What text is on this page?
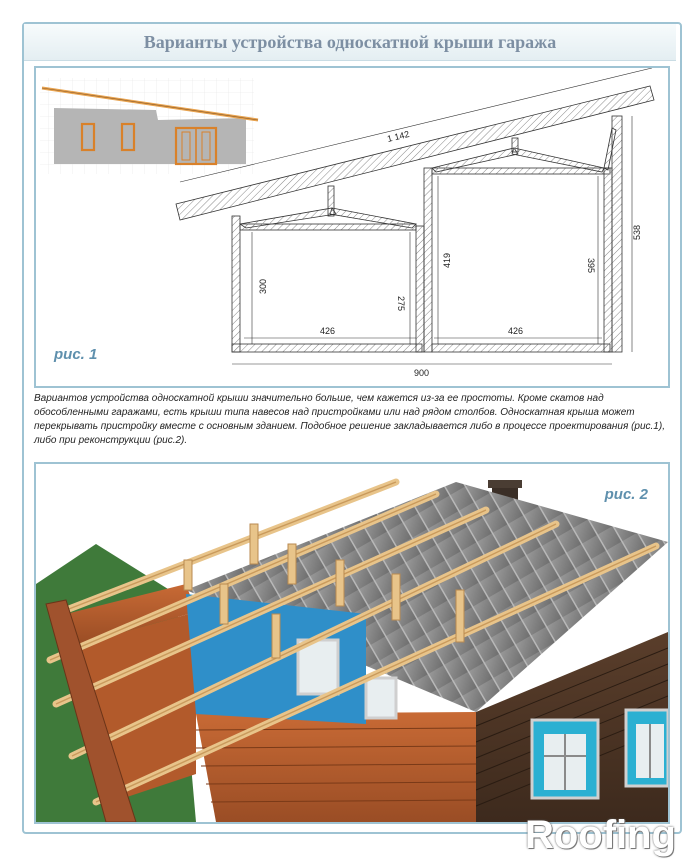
Варианты устройства односкатной крыши гаража
1 142
538
300
275
419	395
426	426
900
рис. 1
Вариантов устройства односкатной крыши значительно больше, чем кажется из-за ее простоты. Кроме скатов над обособленными гаражами, есть крыши типа навесов над пристройками или над рядом столбов. Односкатная крыша может перекрывать пристройку вместе с основным зданием. Подобное решение закладывается либо в процессе проектирования (рис.1), либо при реконструкции (рис.2).
рис. 2
Roofing
